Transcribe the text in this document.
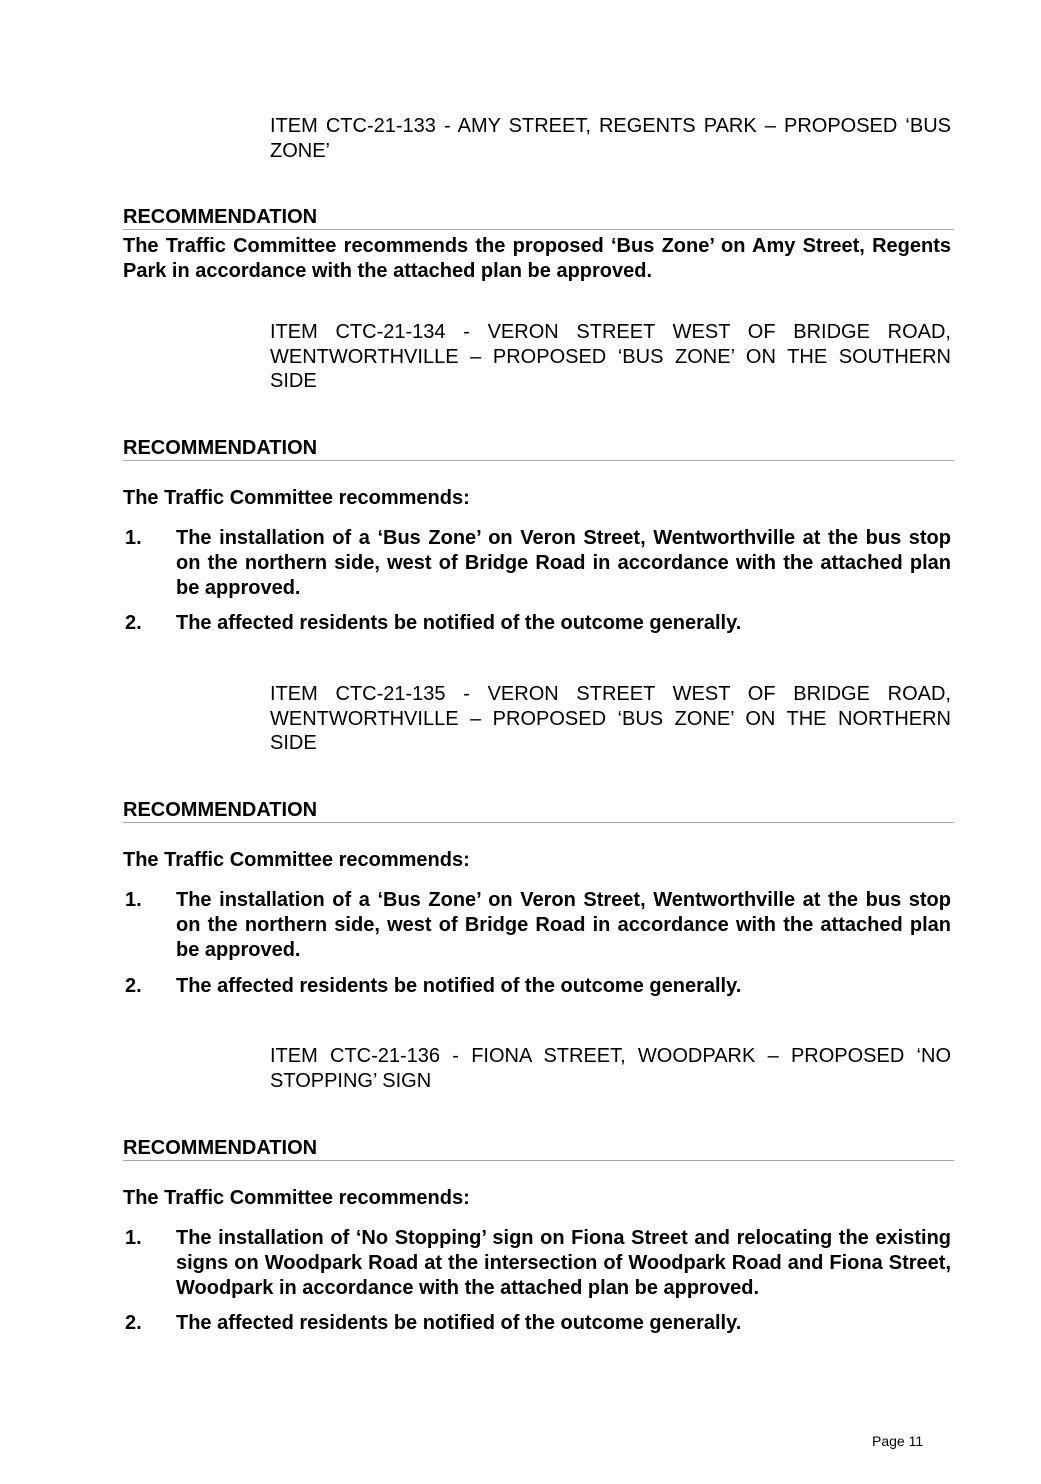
ITEM CTC-21-133 - AMY STREET, REGENTS PARK – PROPOSED ‘BUS ZONE’

RECOMMENDATION

The Traffic Committee recommends the proposed ‘Bus Zone’ on Amy Street, Regents Park in accordance with the attached plan be approved.

ITEM CTC-21-134 - VERON STREET WEST OF BRIDGE ROAD, WENTWORTHVILLE – PROPOSED ‘BUS ZONE’ ON THE SOUTHERN SIDE

RECOMMENDATION

The Traffic Committee recommends:

1.	The installation of a ‘Bus Zone’ on Veron Street, Wentworthville at the bus stop on the northern side, west of Bridge Road in accordance with the attached plan be approved.
2.	The affected residents be notified of the outcome generally.

ITEM CTC-21-135 - VERON STREET WEST OF BRIDGE ROAD, WENTWORTHVILLE – PROPOSED ‘BUS ZONE’ ON THE NORTHERN SIDE

RECOMMENDATION

The Traffic Committee recommends:

1.	The installation of a ‘Bus Zone’ on Veron Street, Wentworthville at the bus stop on the northern side, west of Bridge Road in accordance with the attached plan be approved.
2.	The affected residents be notified of the outcome generally.

ITEM CTC-21-136 - FIONA STREET, WOODPARK – PROPOSED ‘NO STOPPING’ SIGN

RECOMMENDATION

The Traffic Committee recommends:

1.	The installation of ‘No Stopping’ sign on Fiona Street and relocating the existing signs on Woodpark Road at the intersection of Woodpark Road and Fiona Street, Woodpark in accordance with the attached plan be approved.
2.	The affected residents be notified of the outcome generally.

Page 11
